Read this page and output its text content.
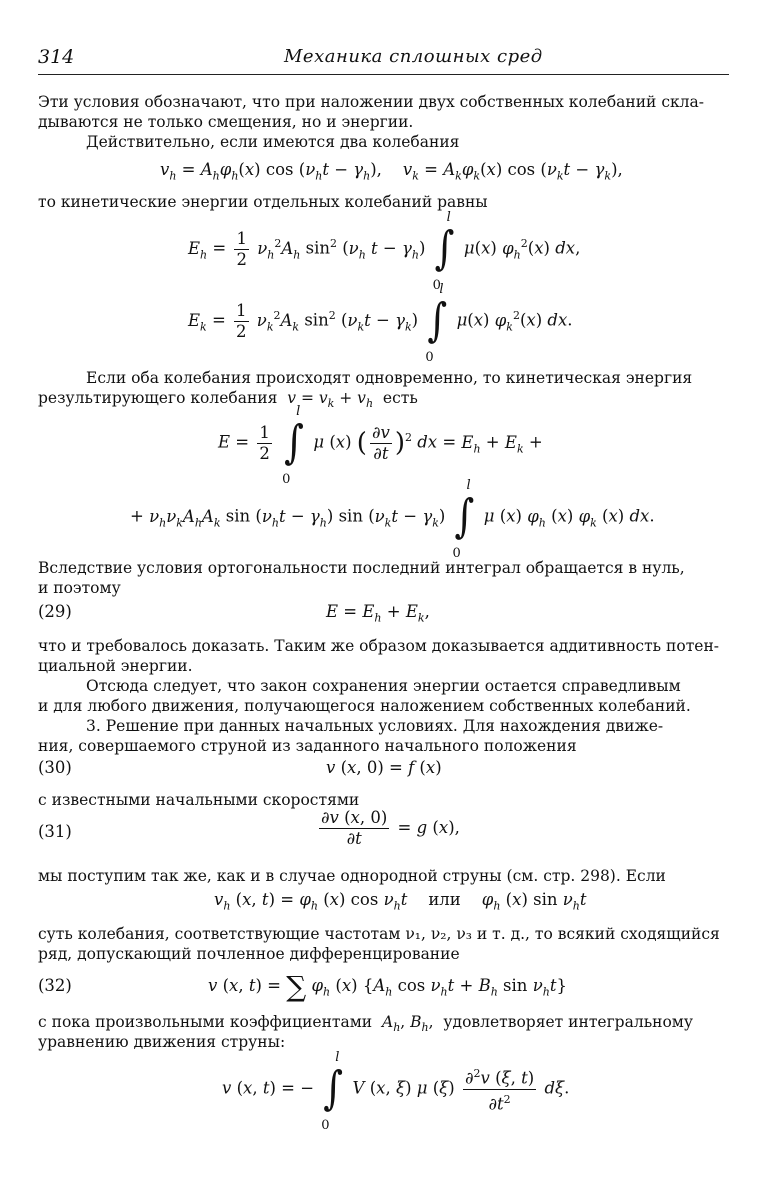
314	Механика сплошных сред
Эти условия обозначают, что при наложении двух собственных колебаний скла-
дываются не только смещения, но и энергии.
Действительно, если имеются два колебания
$v_h = A_h\varphi_h(x)$ $\cos (\nu_ht - \gamma_h)$,    $v_k = A_k\varphi_k(x)$ $\cos (\nu_kt - \gamma_k)$,
то кинетические энергии отдельных колебаний равны
$E_h = \frac{1}{2} \nu_h^2A_h$ $\sin^2 (\nu_h$ $t - \gamma_h$)
l
∫
0
μ(x) $\varphi_h^2(x)$ dx,
$E_k = \frac{1}{2} \nu_k^2A_k$ $\sin^2 (\nu_kt - \gamma_k)$
l
∫
0
μ(x) $\varphi_k^2(x)$ dx.
Если оба колебания происходят одновременно, то кинетическая энергия
результирующего колебания $v = v_k + v_h$ есть
$E = \frac{1}{2}$

l
∫
0
μ (x) ( $\frac{\partial v}{\partial t} )^2$ dx = $E_h + E_k$ +
+ $\nu_h\nu_kA_hA_k$ $\sin (\nu_ht - \gamma_h)$ $\sin (\nu_kt - \gamma_k)$
l
∫
0
μ (x) $\varphi_h$ (x) $\varphi_k$ (x) dx.
Вследствие условия ортогональности последний интеграл обращается в нуль,
и поэтому
(29)	$E = E_h + E_k$,
что и требовалось доказать. Таким же образом доказывается аддитивность потен-
циальной энергии.
Отсюда следует, что закон сохранения энергии остается справедливым
и для любого движения, получающегося наложением собственных колебаний.
3. Решение при данных начальных условиях. Для нахождения движе-
ния, совершаемого струной из заданного начального положения
(30)	v (x, 0) = f (x)
с известными начальными скоростями
(31)	$\frac{\partial v (x, 0)}{\partial t} = g$ (x),
мы поступим так же, как и в случае однородной струны (см. стр. 298). Если
$v_h$ (x, $t) = \varphi_h$ (x) $\cos \nu_ht$ или $\varphi_h$ (x) $\sin \nu_ht$
суть колебания, соответствующие частотам ν₁, ν₂, ν₃ и т. д., то всякий сходящийся
ряд, допускающий почленное дифференцирование
(32)	v (x, t) = ∑ $\varphi_h$ (x) {$A_h$ $\cos \nu_ht + B_h$ $\sin \nu_ht$}
с пока произвольными коэффициентами $A_h$, $B_h$,  удовлетворяет интегральному
уравнению движения струны:
v (x, t) = −
l
∫
0
V (x, ξ) μ $(\xi) \frac{\partial^2v (\xi, t)}{\partial t^2} d\xi$.
